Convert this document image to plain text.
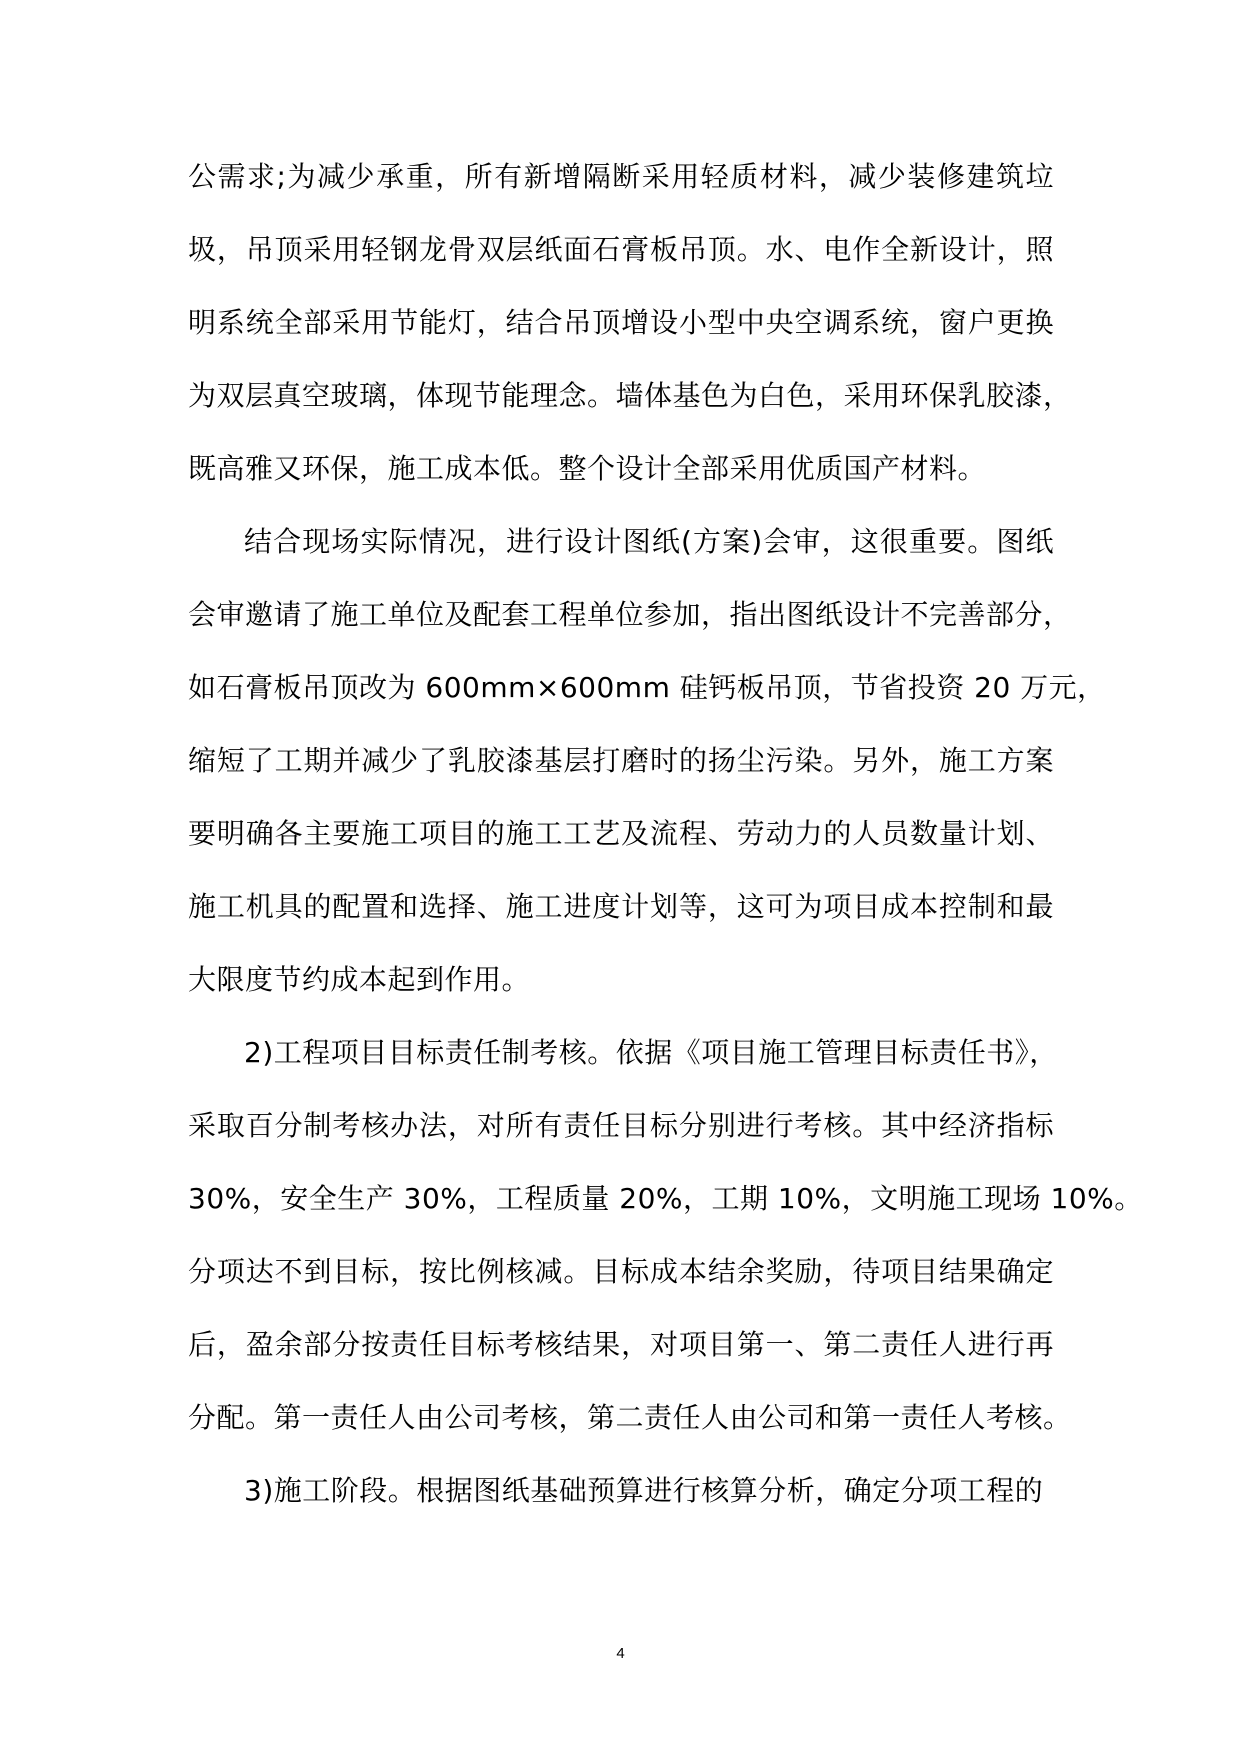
公需求;为减少承重，所有新增隔断采用轻质材料，减少装修建筑垃
圾，吊顶采用轻钢龙骨双层纸面石膏板吊顶。水、电作全新设计，照
明系统全部采用节能灯，结合吊顶增设小型中央空调系统，窗户更换
为双层真空玻璃，体现节能理念。墙体基色为白色，采用环保乳胶漆，
既高雅又环保，施工成本低。整个设计全部采用优质国产材料。
结合现场实际情况，进行设计图纸(方案)会审，这很重要。图纸
会审邀请了施工单位及配套工程单位参加，指出图纸设计不完善部分，
如石膏板吊顶改为 600mm×600mm 硅钙板吊顶，节省投资 20 万元，
缩短了工期并减少了乳胶漆基层打磨时的扬尘污染。另外，施工方案
要明确各主要施工项目的施工工艺及流程、劳动力的人员数量计划、
施工机具的配置和选择、施工进度计划等，这可为项目成本控制和最
大限度节约成本起到作用。
2)工程项目目标责任制考核。依据《项目施工管理目标责任书》，
采取百分制考核办法，对所有责任目标分别进行考核。其中经济指标
30%，安全生产 30%，工程质量 20%，工期 10%，文明施工现场 10%。
分项达不到目标，按比例核减。目标成本结余奖励，待项目结果确定
后，盈余部分按责任目标考核结果，对项目第一、第二责任人进行再
分配。第一责任人由公司考核，第二责任人由公司和第一责任人考核。
3)施工阶段。根据图纸基础预算进行核算分析，确定分项工程的
4
